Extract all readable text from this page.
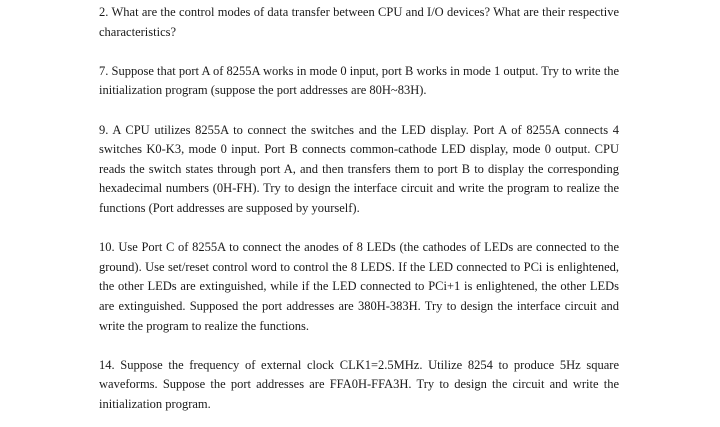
2. What are the control modes of data transfer between CPU and I/O devices? What are their respective characteristics?

7. Suppose that port A of 8255A works in mode 0 input, port B works in mode 1 output. Try to write the initialization program (suppose the port addresses are 80H~83H).

9. A CPU utilizes 8255A to connect the switches and the LED display. Port A of 8255A connects 4 switches K0-K3, mode 0 input. Port B connects common-cathode LED display, mode 0 output. CPU reads the switch states through port A, and then transfers them to port B to display the corresponding hexadecimal numbers (0H-FH). Try to design the interface circuit and write the program to realize the functions (Port addresses are supposed by yourself).

10. Use Port C of 8255A to connect the anodes of 8 LEDs (the cathodes of LEDs are connected to the ground). Use set/reset control word to control the 8 LEDS. If the LED connected to PCi is enlightened, the other LEDs are extinguished, while if the LED connected to PCi+1 is enlightened, the other LEDs are extinguished. Supposed the port addresses are 380H-383H. Try to design the interface circuit and write the program to realize the functions.

14. Suppose the frequency of external clock CLK1=2.5MHz. Utilize 8254 to produce 5Hz square waveforms. Suppose the port addresses are FFA0H-FFA3H. Try to design the circuit and write the initialization program.
